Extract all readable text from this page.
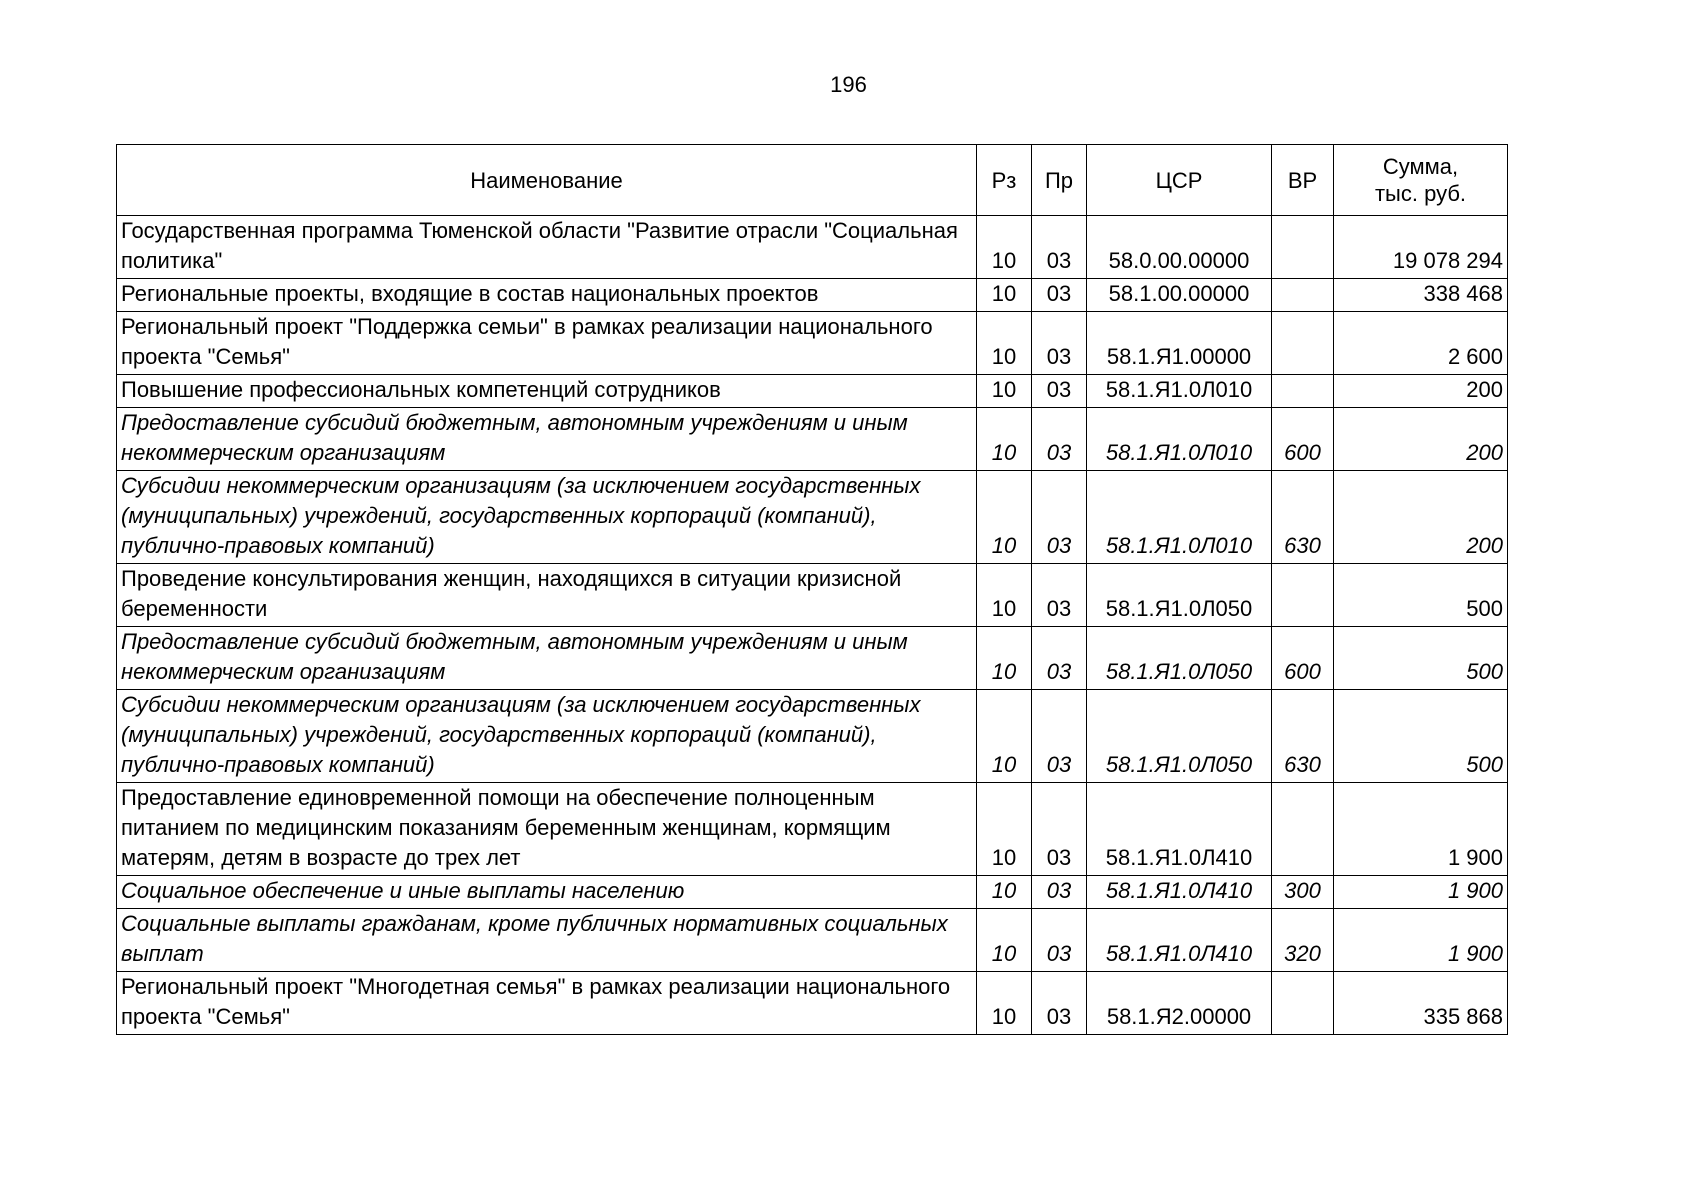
196
Наименование	Рз	Пр	ЦСР	ВР	Сумма,
тыс. руб.

Государственная программа Тюменской области "Развитие отрасли "Социальная политика"	10	03	58.0.00.00000		19 078 294
Региональные проекты, входящие в состав национальных проектов	10	03	58.1.00.00000		338 468
Региональный проект "Поддержка семьи" в рамках реализации национального проекта "Семья"	10	03	58.1.Я1.00000		2 600
Повышение профессиональных компетенций сотрудников	10	03	58.1.Я1.0Л010		200
Предоставление субсидий бюджетным, автономным учреждениям и иным некоммерческим организациям	10	03	58.1.Я1.0Л010	600	200
Субсидии некоммерческим организациям (за исключением государственных (муниципальных) учреждений, государственных корпораций (компаний), публично-правовых компаний)	10	03	58.1.Я1.0Л010	630	200
Проведение консультирования женщин, находящихся в ситуации кризисной беременности	10	03	58.1.Я1.0Л050		500
Предоставление субсидий бюджетным, автономным учреждениям и иным некоммерческим организациям	10	03	58.1.Я1.0Л050	600	500
Субсидии некоммерческим организациям (за исключением государственных (муниципальных) учреждений, государственных корпораций (компаний), публично-правовых компаний)	10	03	58.1.Я1.0Л050	630	500
Предоставление единовременной помощи на обеспечение полноценным питанием по медицинским показаниям беременным женщинам, кормящим матерям, детям в возрасте до трех лет	10	03	58.1.Я1.0Л410		1 900
Социальное обеспечение и иные выплаты населению	10	03	58.1.Я1.0Л410	300	1 900
Социальные выплаты гражданам, кроме публичных нормативных социальных выплат	10	03	58.1.Я1.0Л410	320	1 900
Региональный проект "Многодетная семья" в рамках реализации национального проекта "Семья"	10	03	58.1.Я2.00000		335 868
